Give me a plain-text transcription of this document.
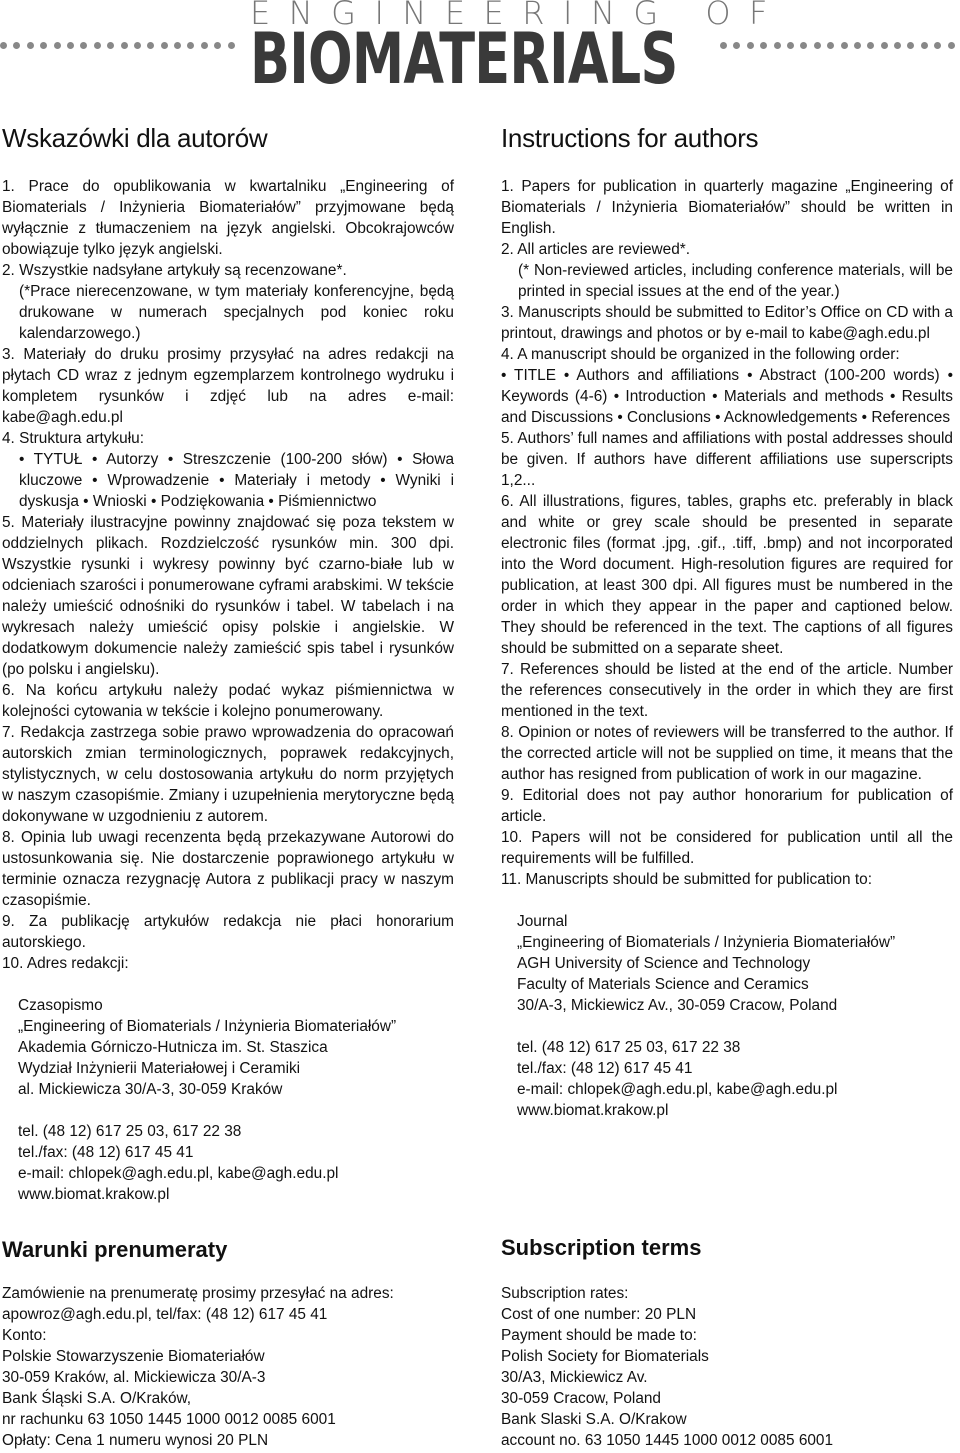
ENGINEERING OF
BIOMATERIALS
Wskazówki dla autorów

1. Prace do opublikowania w kwartalniku „Engineering of Biomaterials / Inżynieria Biomateriałów” przyjmowane będą wyłącznie z tłumaczeniem na język angielski. Obcokrajowców obowiązuje tylko język angielski.

2. Wszystkie nadsyłane artykuły są recenzowane*.

(*Prace nierecenzowane, w tym materiały konferencyjne, będą drukowane w numerach specjalnych pod koniec roku kalendarzowego.)

3. Materiały do druku prosimy przysyłać na adres redakcji na płytach CD wraz z jednym egzemplarzem kontrolnego wydruku i kompletem rysunków i zdjęć lub na adres e-mail: kabe@agh.edu.pl

4. Struktura artykułu:

• TYTUŁ • Autorzy • Streszczenie (100-200 słów) • Słowa kluczowe • Wprowadzenie • Materiały i metody • Wyniki i dyskusja • Wnioski • Podziękowania • Piśmiennictwo

5. Materiały ilustracyjne powinny znajdować się poza tekstem w oddzielnych plikach. Rozdzielczość rysunków min. 300 dpi. Wszystkie rysunki i wykresy powinny być czarno-białe lub w odcieniach szarości i ponumerowane cyframi arabskimi. W tekście należy umieścić odnośniki do rysunków i tabel. W tabelach i na wykresach należy umieścić opisy polskie i angielskie. W dodatkowym dokumencie należy zamieścić spis tabel i rysunków (po polsku i angielsku).

6. Na końcu artykułu należy podać wykaz piśmiennictwa w kolejności cytowania w tekście i kolejno ponumerowany.

7. Redakcja zastrzega sobie prawo wprowadzenia do opracowań autorskich zmian terminologicznych, poprawek redakcyjnych, stylistycznych, w celu dostosowania artykułu do norm przyjętych w naszym czasopiśmie. Zmiany i uzupełnienia merytoryczne będą dokonywane w uzgodnieniu z autorem.

8. Opinia lub uwagi recenzenta będą przekazywane Autorowi do ustosunkowania się. Nie dostarczenie poprawionego artykułu w terminie oznacza rezygnację Autora z publikacji pracy w naszym czasopiśmie.

9. Za publikację artykułów redakcja nie płaci honorarium autorskiego.

10. Adres redakcji:

Czasopismo
„Engineering of Biomaterials / Inżynieria Biomateriałów”
Akademia Górniczo-Hutnicza im. St. Staszica
Wydział Inżynierii Materiałowej i Ceramiki
al. Mickiewicza 30/A-3, 30-059 Kraków
tel. (48 12) 617 25 03, 617 22 38
tel./fax: (48 12) 617 45 41
e-mail: chlopek@agh.edu.pl, kabe@agh.edu.pl
www.biomat.krakow.pl
Warunki prenumeraty
Zamówienie na prenumeratę prosimy przesyłać na adres:
apowroz@agh.edu.pl, tel/fax: (48 12) 617 45 41
Konto:
Polskie Stowarzyszenie Biomateriałów
30-059 Kraków, al. Mickiewicza 30/A-3
Bank Śląski S.A. O/Kraków,
nr rachunku 63 1050 1445 1000 0012 0085 6001
Opłaty: Cena 1 numeru wynosi 20 PLN
Instructions for authors

1. Papers for publication in quarterly magazine „Engineering of Biomaterials / Inżynieria Biomateriałów” should be written in English.

2. All articles are reviewed*.

(* Non-reviewed articles, including conference materials, will be printed in special issues at the end of the year.)

3. Manuscripts should be submitted to Editor’s Office on CD with a printout, drawings and photos or by e-mail to kabe@agh.edu.pl

4. A manuscript should be organized in the following order:

• TITLE • Authors and affiliations • Abstract (100-200 words) • Keywords (4-6) • Introduction • Materials and methods • Results and Discussions • Conclusions • Acknowledgements • References

5. Authors’ full names and affiliations with postal addresses should be given. If authors have different affiliations use superscripts 1,2...

6. All illustrations, figures, tables, graphs etc. preferably in black and white or grey scale should be presented in separate electronic files (format .jpg, .gif., .tiff, .bmp) and not incorporated into the Word document. High-resolution figures are required for publication, at least 300 dpi. All figures must be numbered in the order in which they appear in the paper and captioned below. They should be referenced in the text. The captions of all figures should be submitted on a separate sheet.

7. References should be listed at the end of the article. Number the references consecutively in the order in which they are first mentioned in the text.

8. Opinion or notes of reviewers will be transferred to the author. If the corrected article will not be supplied on time, it means that the author has resigned from publication of work in our magazine.

9. Editorial does not pay author honorarium for publication of article.

10. Papers will not be considered for publication until all the requirements will be fulfilled.

11. Manuscripts should be submitted for publication to:

Journal
„Engineering of Biomaterials / Inżynieria Biomateriałów”
AGH University of Science and Technology
Faculty of Materials Science and Ceramics
30/A-3, Mickiewicz Av., 30-059 Cracow, Poland
tel. (48 12) 617 25 03, 617 22 38
tel./fax: (48 12) 617 45 41
e-mail: chlopek@agh.edu.pl, kabe@agh.edu.pl
www.biomat.krakow.pl
Subscription terms
Subscription rates:
Cost of one number: 20 PLN
Payment should be made to:
Polish Society for Biomaterials
30/A3, Mickiewicz Av.
30-059 Cracow, Poland
Bank Slaski S.A. O/Krakow
account no. 63 1050 1445 1000 0012 0085 6001
